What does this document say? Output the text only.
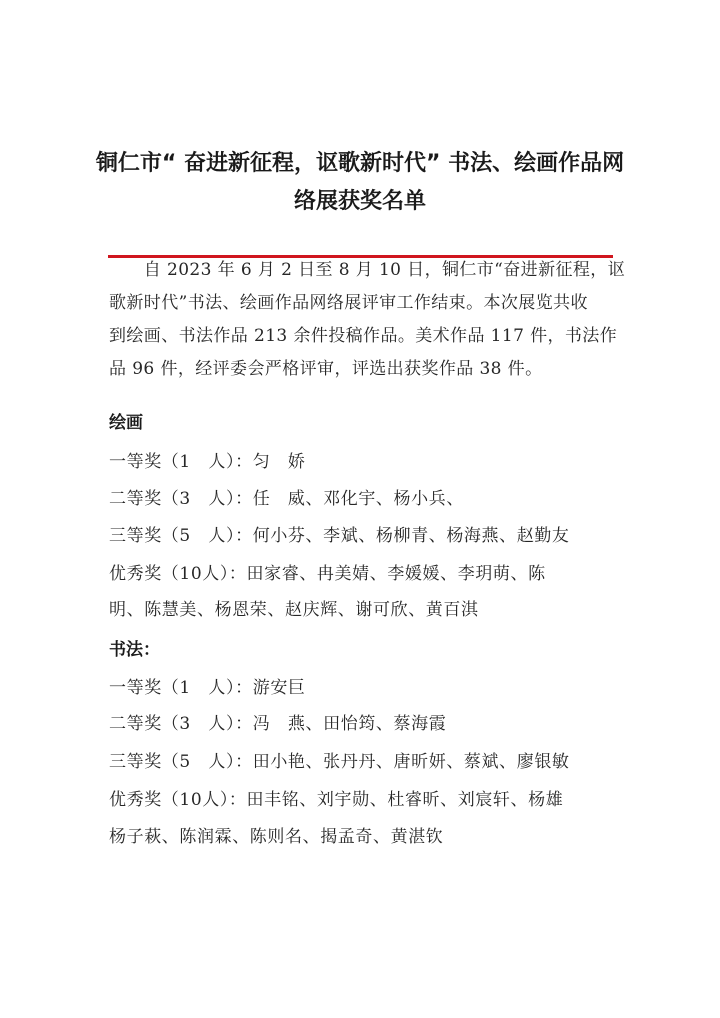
铜仁市“ 奋进新征程，讴歌新时代” 书法、绘画作品网
络展获奖名单
　　自 2023 年 6 月 2 日至 8 月 10 日，铜仁市“奋进新征程，讴
歌新时代”书法、绘画作品网络展评审工作结束。本次展览共收
到绘画、书法作品 213 余件投稿作品。美术作品 117 件，书法作
品 96 件，经评委会严格评审，评选出获奖作品 38 件。
绘画
一等奖（1　人）：匀　娇
二等奖（3　人）：任　威、邓化宇、杨小兵、
三等奖（5　人）：何小芬、李斌、杨柳青、杨海燕、赵勤友
优秀奖（10人）：田家睿、冉美婧、李媛媛、李玥萌、陈
明、陈慧美、杨恩荣、赵庆辉、谢可欣、黄百淇
书法：
一等奖（1　人）：游安巨
二等奖（3　人）：冯　燕、田怡筠、蔡海霞
三等奖（5　人）：田小艳、张丹丹、唐昕妍、蔡斌、廖银敏
优秀奖（10人）：田丰铭、刘宇勋、杜睿昕、刘宸轩、杨雄
杨子萩、陈润霖、陈则名、揭孟奇、黄湛钦
